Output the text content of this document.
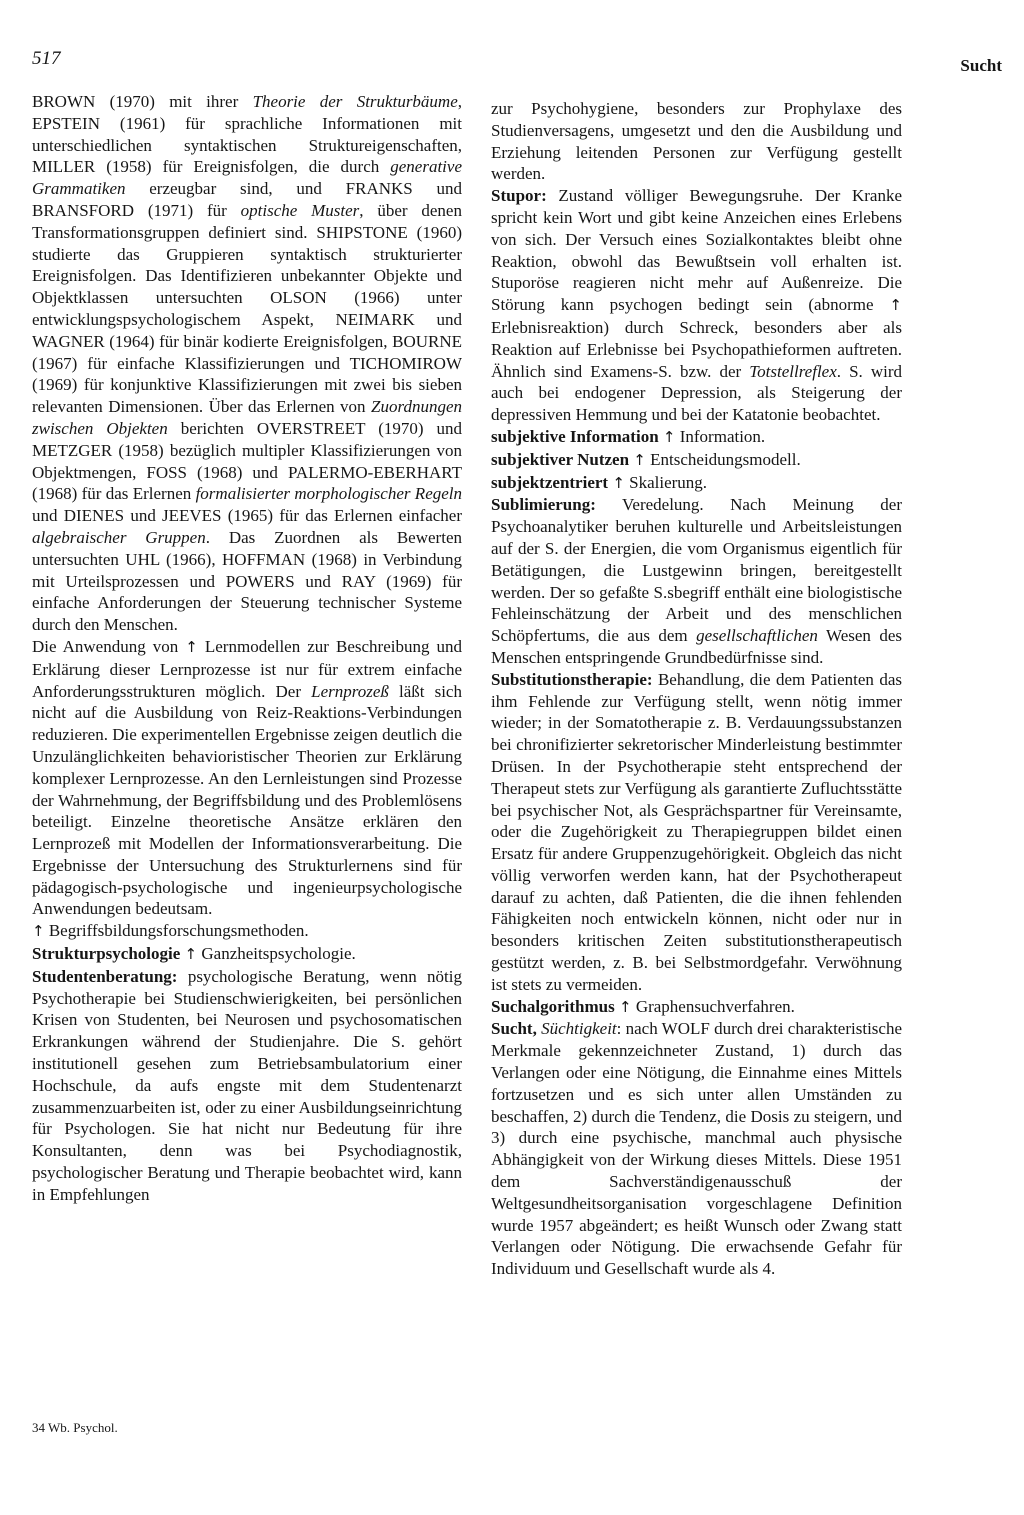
517	Sucht

BROWN (1970) mit ihrer Theorie der Strukturbäume, EPSTEIN (1961) für sprachliche Informationen mit unterschiedlichen syntaktischen Struktureigenschaften, MILLER (1958) für Ereignisfolgen, die durch generative Grammatiken erzeugbar sind, und FRANKS und BRANSFORD (1971) für optische Muster, über denen Transformationsgruppen definiert sind. SHIPSTONE (1960) studierte das Gruppieren syntaktisch strukturierter Ereignisfolgen. Das Identifizieren unbekannter Objekte und Objektklassen untersuchten OLSON (1966) unter entwicklungspsychologischem Aspekt, NEIMARK und WAGNER (1964) für binär kodierte Ereignisfolgen, BOURNE (1967) für einfache Klassifizierungen und TICHOMIROW (1969) für konjunktive Klassifizierungen mit zwei bis sieben relevanten Dimensionen. Über das Erlernen von Zuordnungen zwischen Objekten berichten OVERSTREET (1970) und METZGER (1958) bezüglich multipler Klassifizierungen von Objektmengen, FOSS (1968) und PALERMO-EBERHART (1968) für das Erlernen formalisierter morphologischer Regeln und DIENES und JEEVES (1965) für das Erlernen einfacher algebraischer Gruppen. Das Zuordnen als Bewerten untersuchten UHL (1966), HOFFMAN (1968) in Verbindung mit Urteilsprozessen und POWERS und RAY (1969) für einfache Anforderungen der Steuerung technischer Systeme durch den Menschen.

Die Anwendung von ↑ Lernmodellen zur Beschreibung und Erklärung dieser Lernprozesse ist nur für extrem einfache Anforderungsstrukturen möglich. Der Lernprozeß läßt sich nicht auf die Ausbildung von Reiz-Reaktions-Verbindungen reduzieren. Die experimentellen Ergebnisse zeigen deutlich die Unzulänglichkeiten behavioristischer Theorien zur Erklärung komplexer Lernprozesse. An den Lernleistungen sind Prozesse der Wahrnehmung, der Begriffsbildung und des Problemlösens beteiligt. Einzelne theoretische Ansätze erklären den Lernprozeß mit Modellen der Informationsverarbeitung. Die Ergebnisse der Untersuchung des Strukturlernens sind für pädagogisch-psychologische und ingenieurpsychologische Anwendungen bedeutsam.

↑ Begriffsbildungsforschungsmethoden.

Strukturpsychologie ↑ Ganzheitspsychologie.

Studentenberatung: psychologische Beratung, wenn nötig Psychotherapie bei Studienschwierigkeiten, bei persönlichen Krisen von Studenten, bei Neurosen und psychosomatischen Erkrankungen während der Studienjahre. Die S. gehört institutionell gesehen zum Betriebsambulatorium einer Hochschule, da aufs engste mit dem Studentenarzt zusammenzuarbeiten ist, oder zu einer Ausbildungseinrichtung für Psychologen. Sie hat nicht nur Bedeutung für ihre Konsultanten, denn was bei Psychodiagnostik, psychologischer Beratung und Therapie beobachtet wird, kann in Empfehlungen

zur Psychohygiene, besonders zur Prophylaxe des Studienversagens, umgesetzt und den die Ausbildung und Erziehung leitenden Personen zur Verfügung gestellt werden.

Stupor: Zustand völliger Bewegungsruhe. Der Kranke spricht kein Wort und gibt keine Anzeichen eines Erlebens von sich. Der Versuch eines Sozialkontaktes bleibt ohne Reaktion, obwohl das Bewußtsein voll erhalten ist. Stuporöse reagieren nicht mehr auf Außenreize. Die Störung kann psychogen bedingt sein (abnorme ↑ Erlebnisreaktion) durch Schreck, besonders aber als Reaktion auf Erlebnisse bei Psychopathieformen auftreten. Ähnlich sind Examens-S. bzw. der Totstellreflex. S. wird auch bei endogener Depression, als Steigerung der depressiven Hemmung und bei der Katatonie beobachtet.

subjektive Information ↑ Information.

subjektiver Nutzen ↑ Entscheidungsmodell.

subjektzentriert ↑ Skalierung.

Sublimierung: Veredelung. Nach Meinung der Psychoanalytiker beruhen kulturelle und Arbeitsleistungen auf der S. der Energien, die vom Organismus eigentlich für Betätigungen, die Lustgewinn bringen, bereitgestellt werden. Der so gefaßte S.sbegriff enthält eine biologistische Fehleinschätzung der Arbeit und des menschlichen Schöpfertums, die aus dem gesellschaftlichen Wesen des Menschen entspringende Grundbedürfnisse sind.

Substitutionstherapie: Behandlung, die dem Patienten das ihm Fehlende zur Verfügung stellt, wenn nötig immer wieder; in der Somatotherapie z. B. Verdauungssubstanzen bei chronifizierter sekretorischer Minderleistung bestimmter Drüsen. In der Psychotherapie steht entsprechend der Therapeut stets zur Verfügung als garantierte Zufluchtsstätte bei psychischer Not, als Gesprächspartner für Vereinsamte, oder die Zugehörigkeit zu Therapiegruppen bildet einen Ersatz für andere Gruppenzugehörigkeit. Obgleich das nicht völlig verworfen werden kann, hat der Psychotherapeut darauf zu achten, daß Patienten, die die ihnen fehlenden Fähigkeiten noch entwickeln können, nicht oder nur in besonders kritischen Zeiten substitutionstherapeutisch gestützt werden, z. B. bei Selbstmordgefahr. Verwöhnung ist stets zu vermeiden.

Suchalgorithmus ↑ Graphensuchverfahren.

Sucht, Süchtigkeit: nach WOLF durch drei charakteristische Merkmale gekennzeichneter Zustand, 1) durch das Verlangen oder eine Nötigung, die Einnahme eines Mittels fortzusetzen und es sich unter allen Umständen zu beschaffen, 2) durch die Tendenz, die Dosis zu steigern, und 3) durch eine psychische, manchmal auch physische Abhängigkeit von der Wirkung dieses Mittels. Diese 1951 dem Sachverständigenausschuß der Weltgesundheitsorganisation vorgeschlagene Definition wurde 1957 abgeändert; es heißt Wunsch oder Zwang statt Verlangen oder Nötigung. Die erwachsende Gefahr für Individuum und Gesellschaft wurde als 4.

34 Wb. Psychol.
